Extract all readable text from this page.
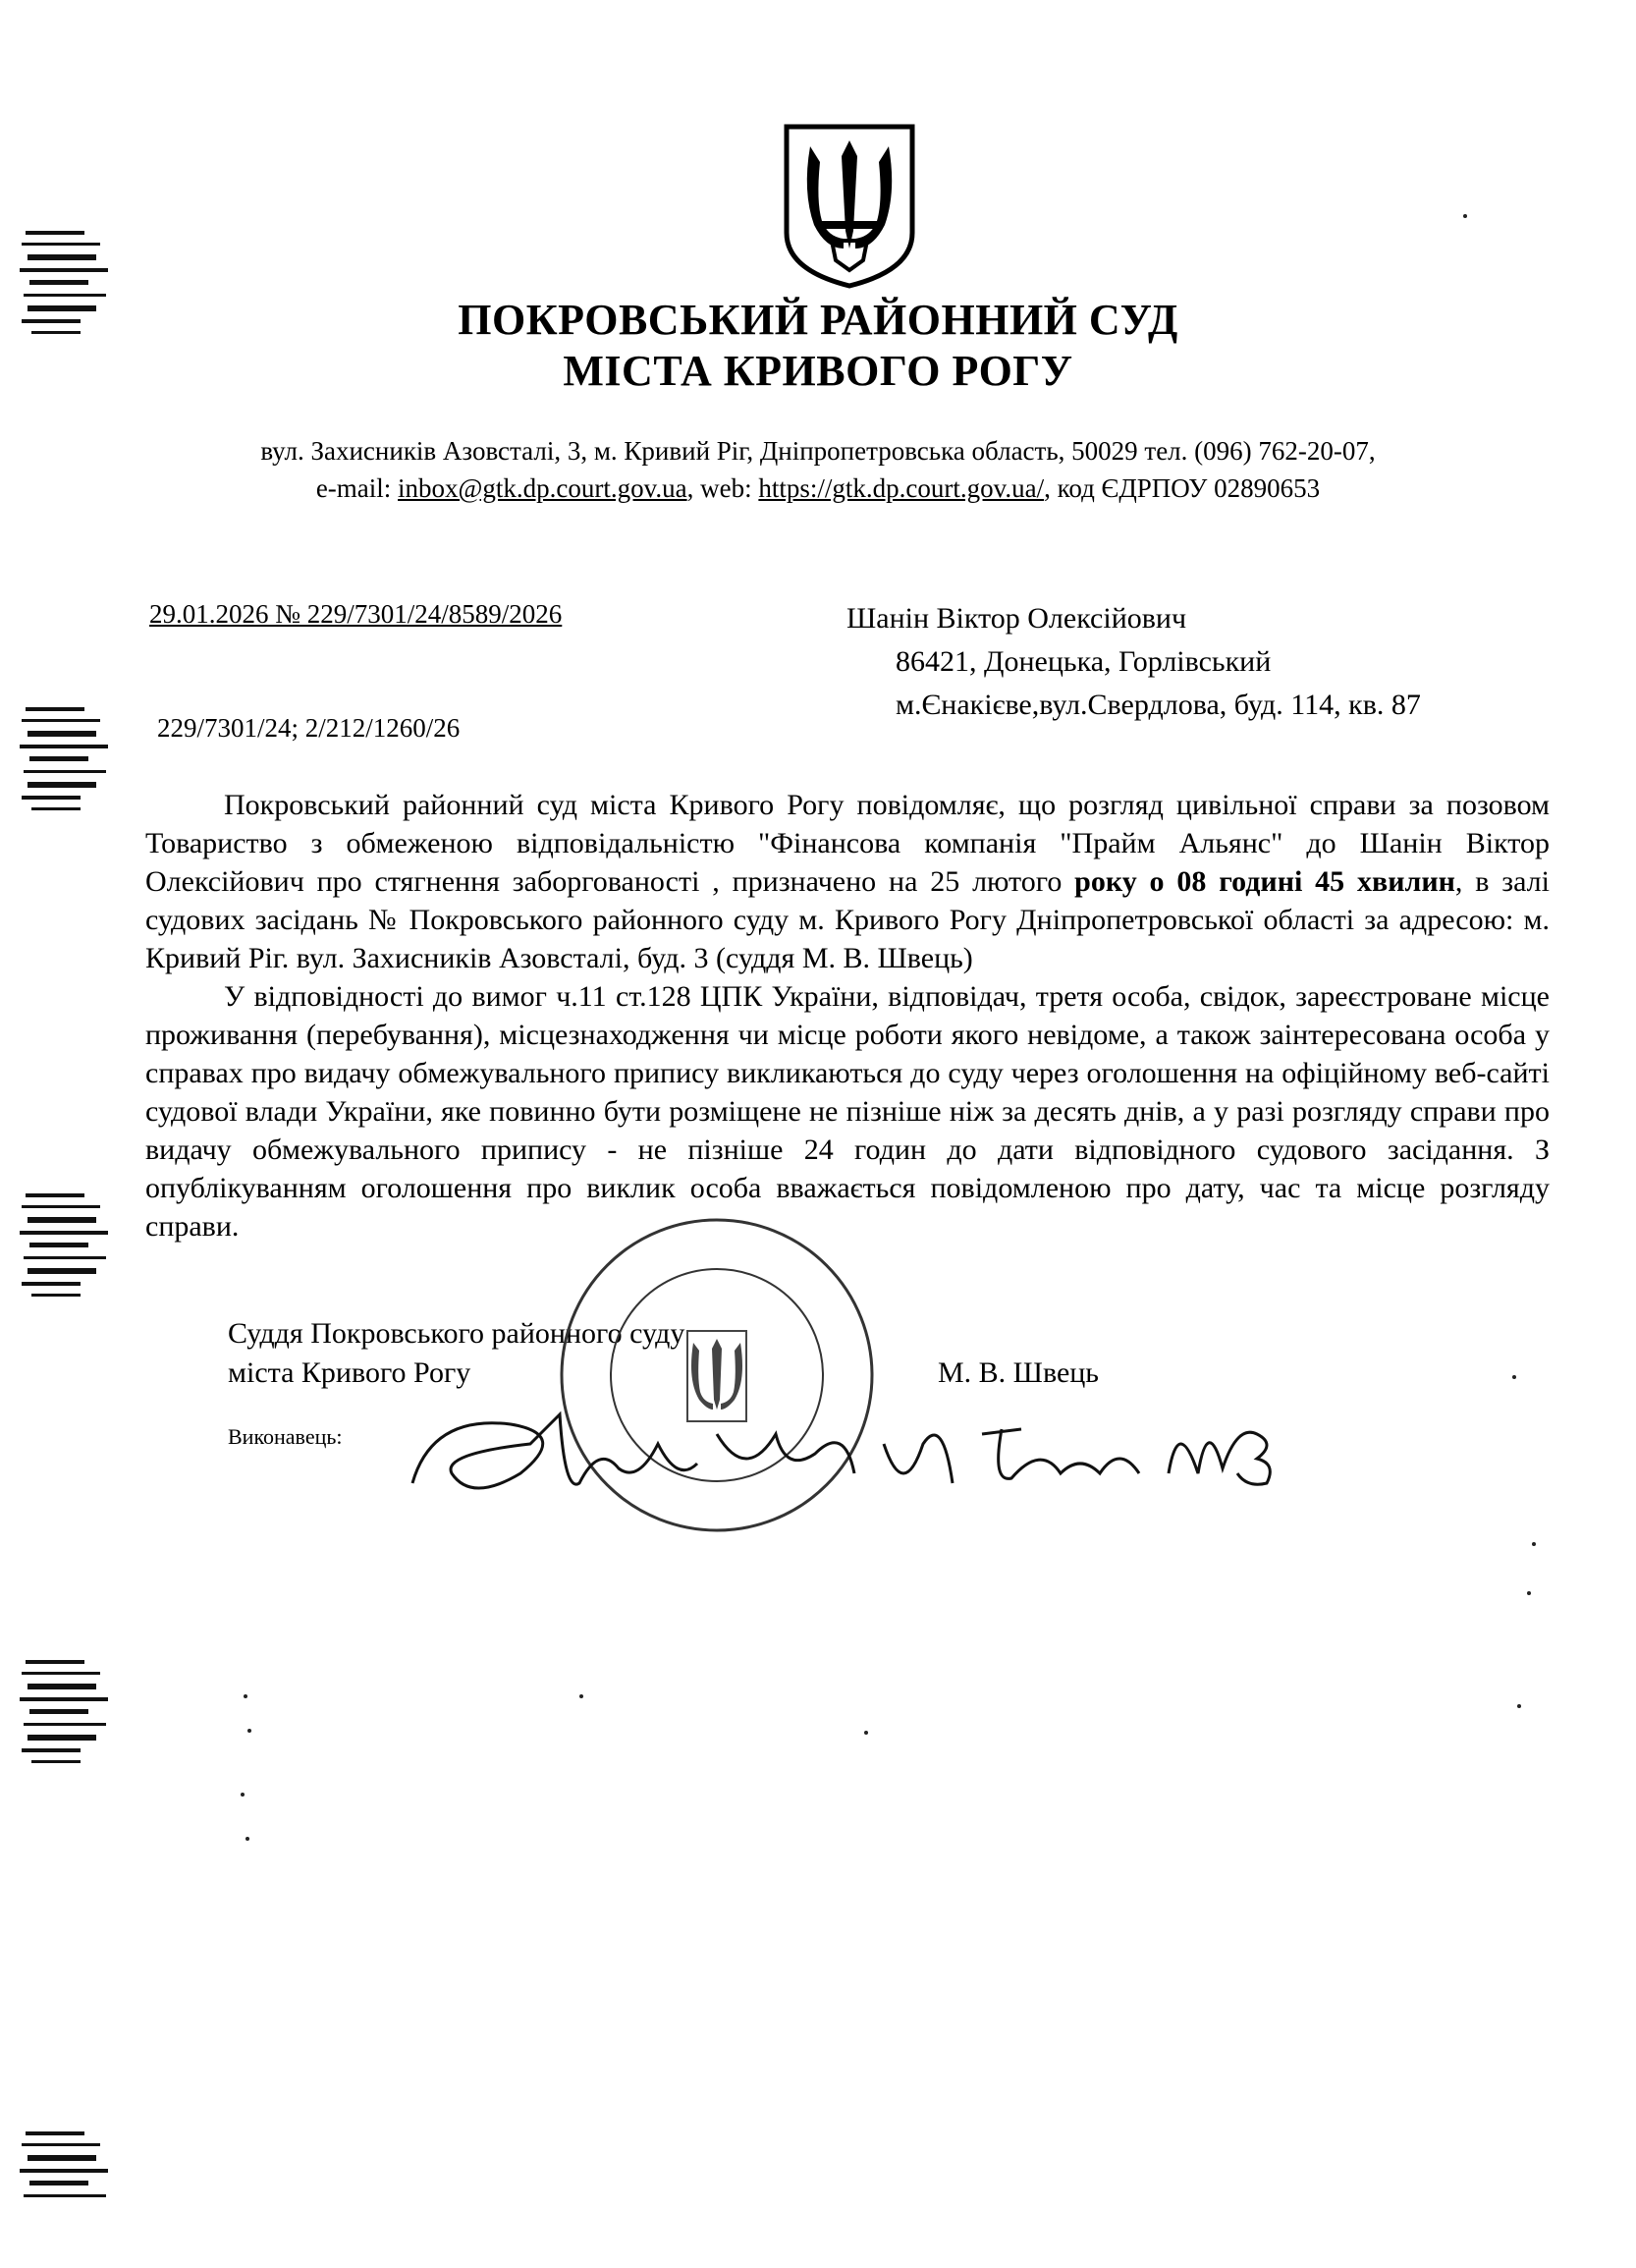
ПОКРОВСЬКИЙ РАЙОННИЙ СУД
МІСТА КРИВОГО РОГУ
вул. Захисників Азовсталі, 3, м. Кривий Ріг, Дніпропетровська область, 50029 тел. (096) 762-20-07,
e-mail: inbox@gtk.dp.court.gov.ua, web: https://gtk.dp.court.gov.ua/, код ЄДРПОУ 02890653
29.01.2026 № 229/7301/24/8589/2026
229/7301/24; 2/212/1260/26
Шанін Віктор Олексійович
86421, Донецька, Горлівський
м.Єнакієве,вул.Свердлова, буд. 114, кв. 87

Покровський районний суд міста Кривого Рогу повідомляє, що розгляд цивільної справи за позовом Товариство з обмеженою відповідальністю "Фінансова компанія "Прайм Альянс" до Шанін Віктор Олексійович про стягнення заборгованості , призначено на 25 лютого року о 08 годині 45 хвилин, в залі судових засідань № Покровського районного суду м. Кривого Рогу Дніпропетровської області за адресою: м. Кривий Ріг. вул. Захисників Азовсталі, буд. 3 (суддя М. В. Швець)

У відповідності до вимог ч.11 ст.128 ЦПК України, відповідач, третя особа, свідок, зареєстроване місце проживання (перебування), місцезнаходження чи місце роботи якого невідоме, а також заінтересована особа у справах про видачу обмежувального припису викликаються до суду через оголошення на офіційному веб-сайті судової влади України, яке повинно бути розміщене не пізніше ніж за десять днів, а у разі розгляду справи про видачу обмежувального припису - не пізніше 24 годин до дати відповідного судового засідання. З опублікуванням оголошення про виклик особа вважається повідомленою про дату, час та місце розгляду справи.

Суддя Покровського районного суду
міста Кривого Рогу	М. В. Швець
Виконавець:
